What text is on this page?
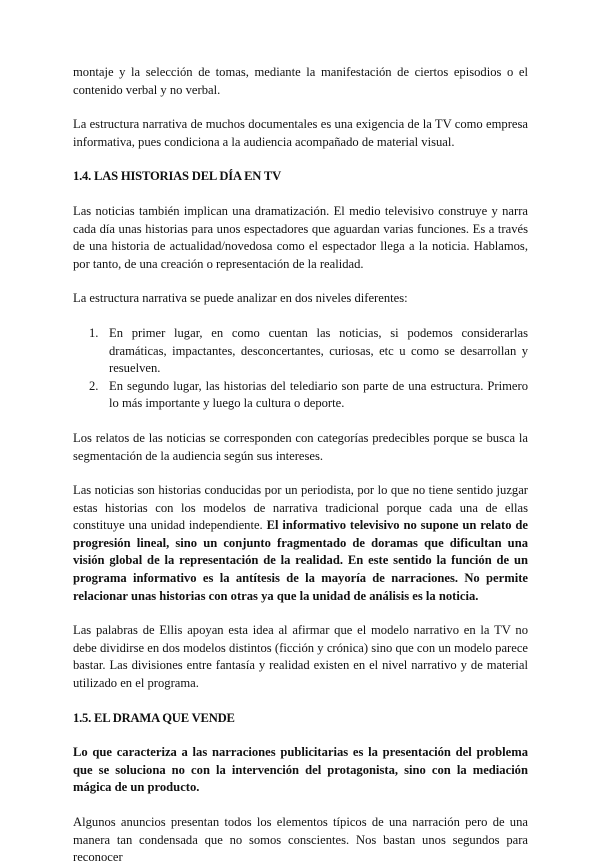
montaje y la selección de tomas, mediante la manifestación de ciertos episodios o el contenido verbal y no verbal.

La estructura narrativa de muchos documentales es una exigencia de la TV como empresa informativa, pues condiciona a la audiencia acompañado de material visual.

1.4. LAS HISTORIAS DEL DÍA EN TV

Las noticias también implican una dramatización. El medio televisivo construye y narra cada día unas historias para unos espectadores que aguardan varias funciones. Es a través de una historia de actualidad/novedosa como el espectador llega a la noticia. Hablamos, por tanto, de una creación o representación de la realidad.

La estructura narrativa se puede analizar en dos niveles diferentes:

1. En primer lugar, en como cuentan las noticias, si podemos considerarlas dramáticas, impactantes, desconcertantes, curiosas, etc u como se desarrollan y resuelven.
2. En segundo lugar, las historias del telediario son parte de una estructura. Primero lo más importante y luego la cultura o deporte.

Los relatos de las noticias se corresponden con categorías predecibles porque se busca la segmentación de la audiencia según sus intereses.

Las noticias son historias conducidas por un periodista, por lo que no tiene sentido juzgar estas historias con los modelos de narrativa tradicional porque cada una de ellas constituye una unidad independiente. El informativo televisivo no supone un relato de progresión lineal, sino un conjunto fragmentado de doramas que dificultan una visión global de la representación de la realidad. En este sentido la función de un programa informativo es la antítesis de la mayoría de narraciones. No permite relacionar unas historias con otras ya que la unidad de análisis es la noticia.

Las palabras de Ellis apoyan esta idea al afirmar que el modelo narrativo en la TV no debe dividirse en dos modelos distintos (ficción y crónica) sino que con un modelo parece bastar. Las divisiones entre fantasía y realidad existen en el nivel narrativo y de material utilizado en el programa.

1.5. EL DRAMA QUE VENDE

Lo que caracteriza a las narraciones publicitarias es la presentación del problema que se soluciona no con la intervención del protagonista, sino con la mediación mágica de un producto.

Algunos anuncios presentan todos los elementos típicos de una narración pero de una manera tan condensada que no somos conscientes. Nos bastan unos segundos para reconocer
